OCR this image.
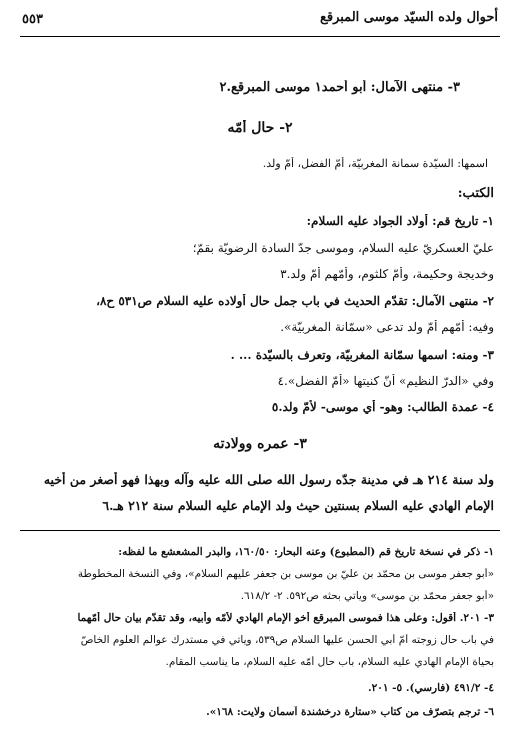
أحوال ولده السيّد موسى المبرقع
٥٥٣
٣- منتهى الآمال: أبو أحمد١ موسى المبرقع.٢
٢- حال أمّه
اسمها: السيّدة سمانة المغربيّة، أمّ الفضل، أمّ ولد.
الكتب:
١- تاريخ قم: أولاد الجواد عليه السلام:
عليّ العسكريّ عليه السلام، وموسى جدّ السادة الرضويّة بقمّ؛
وخديجة وحكيمة، وأمّ كلثوم، وأمّهم أمّ ولد.٣
٢- منتهى الآمال: تقدّم الحديث في باب جمل حال أولاده عليه السلام ص٥٣١ ح٨،
وفيه: أمّهم أمّ ولد تدعى «سمّانة المغربيّة».
٣- ومنه: اسمها سمّانة المغربيّة، وتعرف بالسيّدة ... .
وفي «الدرّ النظيم» أنّ كنيتها «أمّ الفضل».٤
٤- عمدة الطالب: وهو- أي موسى- لأمّ ولد.٥
٣- عمره وولادته
ولد سنة ٢١٤ هـ في مدينة جدّه رسول الله صلى الله عليه وآله وبهذا فهو أصغر من أخيه
الإمام الهادي عليه السلام بسنتين حيث ولد الإمام عليه السلام سنة ٢١٢ هـ.٦
١- ذكر في نسخة تاريخ قم (المطبوع) وعنه البحار: ١٦٠/٥٠، والبدر المشعشع ما لفظه:
«أبو جعفر موسى بن محمّد بن عليّ بن موسى بن جعفر عليهم السلام»، وفي النسخة المخطوطة
«أبو جعفر محمّد بن موسى» ويأتي بحثه ص٥٩٢. ٢- ٦١٨/٢.
٣- ٢٠١. أقول: وعلى هذا فموسى المبرقع أخو الإمام الهادي لأمّه وأبيه، وقد تقدّم بيان حال أمّهما
في باب حال زوجته أمّ أبي الحسن عليها السلام ص٥٣٩، ويأتي في مستدرك عوالم العلوم الخاصّ
بحياة الإمام الهادي عليه السلام، باب حال أمّه عليه السلام، ما يناسب المقام.
٤- ٤٩١/٢ (فارسي). ٥- ٢٠١.
٦- ترجم بتصرّف من كتاب «ستارة درخشندة آسمان ولايت: ١٦٨».
